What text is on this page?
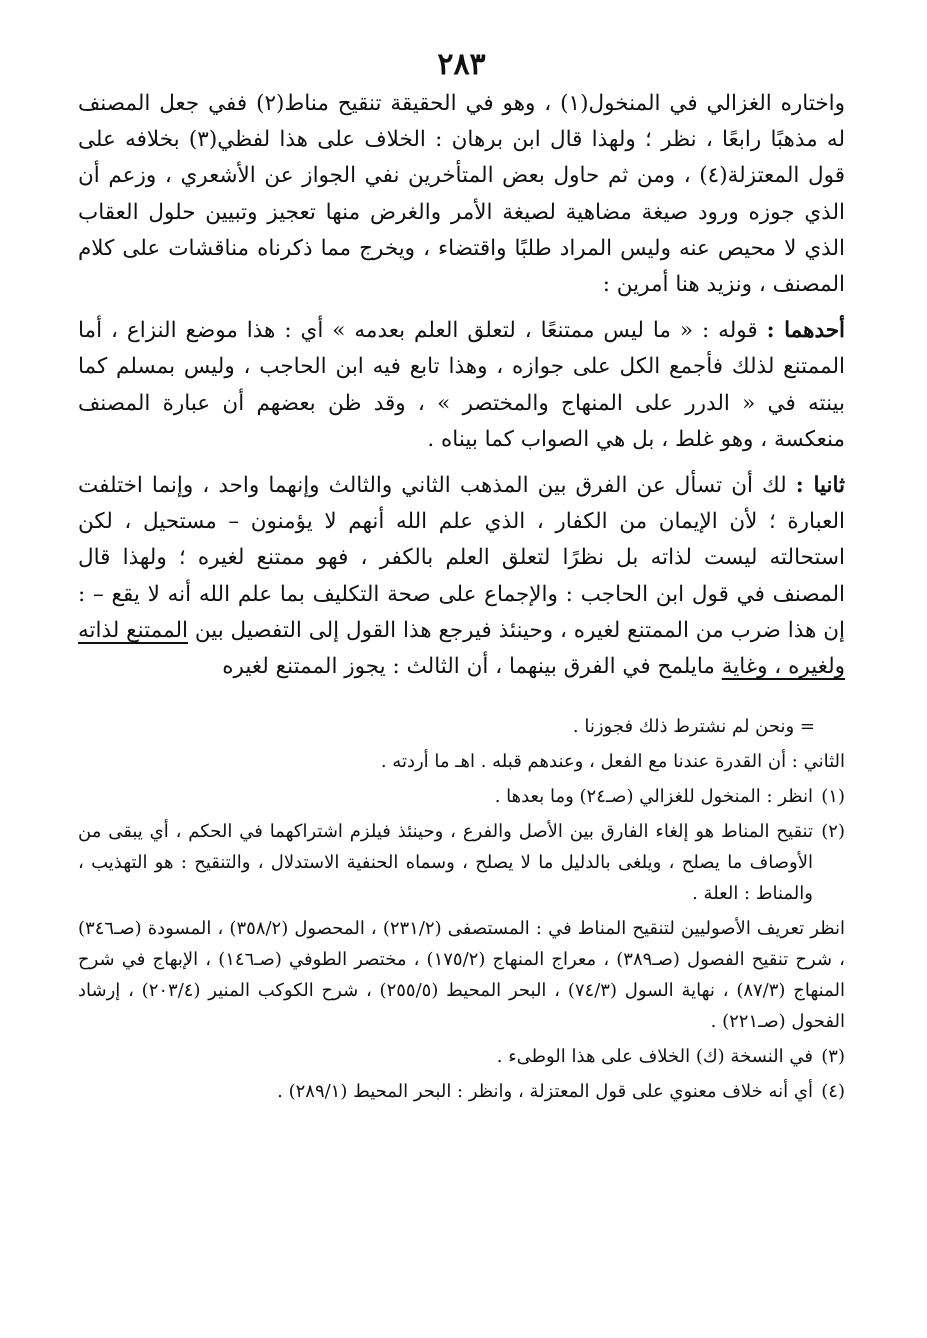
٢٨٣

واختاره الغزالي في المنخول(١) ، وهو في الحقيقة تنقيح مناط(٢) ففي جعل المصنف له مذهبًا رابعًا ، نظر ؛ ولهذا قال ابن برهان : الخلاف على هذا لفظي(٣) بخلافه على قول المعتزلة(٤) ، ومن ثم حاول بعض المتأخرين نفي الجواز عن الأشعري ، وزعم أن الذي جوزه ورود صيغة مضاهية لصيغة الأمر والغرض منها تعجيز وتبيين حلول العقاب الذي لا محيص عنه وليس المراد طلبًا واقتضاء ، ويخرج مما ذكرناه مناقشات على كلام المصنف ، ونزيد هنا أمرين :

أحدهما : قوله : « ما ليس ممتنعًا ، لتعلق العلم بعدمه » أي : هذا موضع النزاع ، أما الممتنع لذلك فأجمع الكل على جوازه ، وهذا تابع فيه ابن الحاجب ، وليس بمسلم كما بينته في « الدرر على المنهاج والمختصر » ، وقد ظن بعضهم أن عبارة المصنف منعكسة ، وهو غلط ، بل هي الصواب كما بيناه .

ثانيا : لك أن تسأل عن الفرق بين المذهب الثاني والثالث وإنهما واحد ، وإنما اختلفت العبارة ؛ لأن الإيمان من الكفار ، الذي علم الله أنهم لا يؤمنون – مستحيل ، لكن استحالته ليست لذاته بل نظرًا لتعلق العلم بالكفر ، فهو ممتنع لغيره ؛ ولهذا قال المصنف في قول ابن الحاجب : والإجماع على صحة التكليف بما علم الله أنه لا يقع – : إن هذا ضرب من الممتنع لغيره ، وحينئذ فيرجع هذا القول إلى التفصيل بين الممتنع لذاته ولغيره ، وغاية مايلمح في الفرق بينهما ، أن الثالث : يجوز الممتنع لغيره

= ونحن لم نشترط ذلك فجوزنا .

الثاني : أن القدرة عندنا مع الفعل ، وعندهم قبله . اهـ ما أردته .

(١)
انظر : المنخول للغزالي (صـ٢٤) وما بعدها .

(٢)
تنقيح المناط هو إلغاء الفارق بين الأصل والفرع ، وحينئذ فيلزم اشتراكهما في الحكم ، أي يبقى من الأوصاف ما يصلح ، ويلغى بالدليل ما لا يصلح ، وسماه الحنفية الاستدلال ، والتنقيح : هو التهذيب ، والمناط : العلة .

انظر تعريف الأصوليين لتنقيح المناط في : المستصفى (٢٣١/٢) ، المحصول (٣٥٨/٢) ، المسودة (صـ٣٤٦) ، شرح تنقيح الفصول (صـ٣٨٩) ، معراج المنهاج (١٧٥/٢) ، مختصر الطوفي (صـ١٤٦) ، الإبهاج في شرح المنهاج (٨٧/٣) ، نهاية السول (٧٤/٣) ، البحر المحيط (٢٥٥/٥) ، شرح الكوكب المنير (٢٠٣/٤) ، إرشاد الفحول (صـ٢٢١) .

(٣)
في النسخة (ك) الخلاف على هذا الوطىء .

(٤)
أي أنه خلاف معنوي على قول المعتزلة ، وانظر : البحر المحيط (٢٨٩/١) .
